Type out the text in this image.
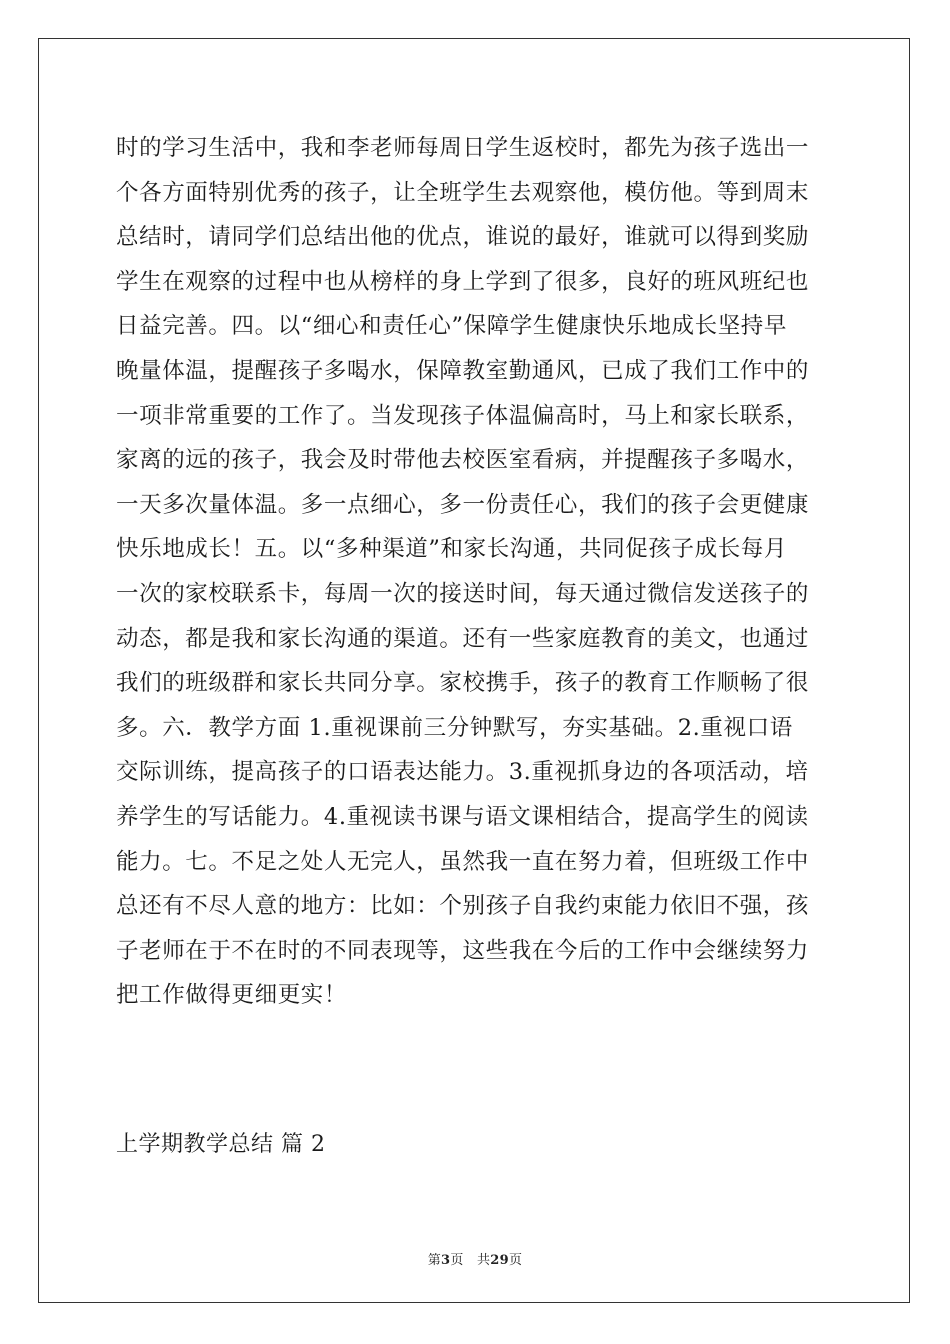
时的学习生活中，我和李老师每周日学生返校时，都先为孩子选出一
个各方面特别优秀的孩子，让全班学生去观察他，模仿他。等到周末
总结时，请同学们总结出他的优点，谁说的最好，谁就可以得到奖励
学生在观察的过程中也从榜样的身上学到了很多，良好的班风班纪也
日益完善。四。以“细心和责任心”保障学生健康快乐地成长坚持早
晚量体温，提醒孩子多喝水，保障教室勤通风，已成了我们工作中的
一项非常重要的工作了。当发现孩子体温偏高时，马上和家长联系，
家离的远的孩子，我会及时带他去校医室看病，并提醒孩子多喝水，
一天多次量体温。多一点细心，多一份责任心，我们的孩子会更健康
快乐地成长！五。以“多种渠道”和家长沟通，共同促孩子成长每月
一次的家校联系卡，每周一次的接送时间，每天通过微信发送孩子的
动态，都是我和家长沟通的渠道。还有一些家庭教育的美文，也通过
我们的班级群和家长共同分享。家校携手，孩子的教育工作顺畅了很
多。六．教学方面 1.重视课前三分钟默写，夯实基础。2.重视口语
交际训练，提高孩子的口语表达能力。3.重视抓身边的各项活动，培
养学生的写话能力。4.重视读书课与语文课相结合，提高学生的阅读
能力。七。不足之处人无完人，虽然我一直在努力着，但班级工作中
总还有不尽人意的地方：比如：个别孩子自我约束能力依旧不强，孩
子老师在于不在时的不同表现等，这些我在今后的工作中会继续努力
把工作做得更细更实！
上学期教学总结 篇 2
第3页 共29页
